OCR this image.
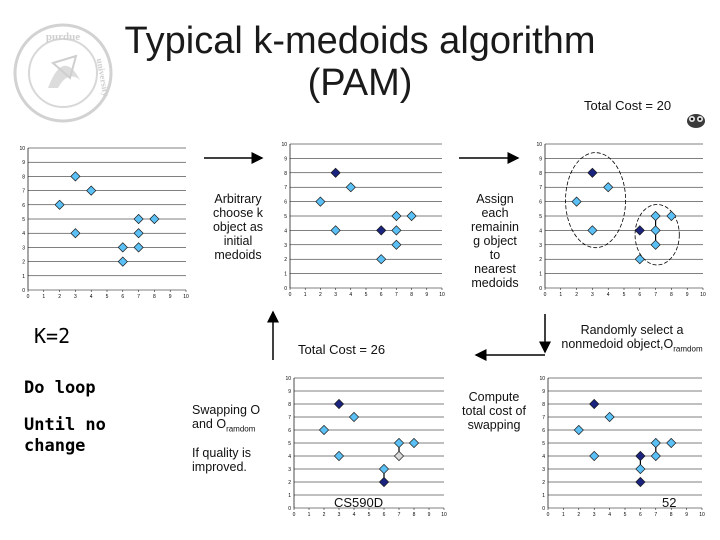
purdue
university
Typical k-medoids algorithm
(PAM)
Total Cost = 20
0
1
2
3
4
5
6
7
8
9
10
0	1	2	3	4	5	6	7	8	9 10
0
1
2
3
4
5
6
7
8
9
10
0 1 2 3 4 5 6 7 8 9 10
0
1
2
3
4
5
6
7
8
9
10
0	1	2	3	4	5	6	7	8	9 10
0
1
2
3
4
5
6
7
8
9
10
0	1	2	3	4	5	6	7	8	9 10
0
1
2
3
4
5
6
7
8
9
10
0 1 2 3 4 5 6 7 8 9 10
Arbitrary
choose k
object as
initial
medoids
Assign
each
remainin
g object
to
nearest
medoids
Randomly select a
nonmedoid $object,O_{ramdom}$
Compute
total cost of
swapping
Swapping O
and $O_{ramdom}$
If quality is
improved.
Total Cost = 26
K=2
Do loop
Until no
change
CS590D	52
